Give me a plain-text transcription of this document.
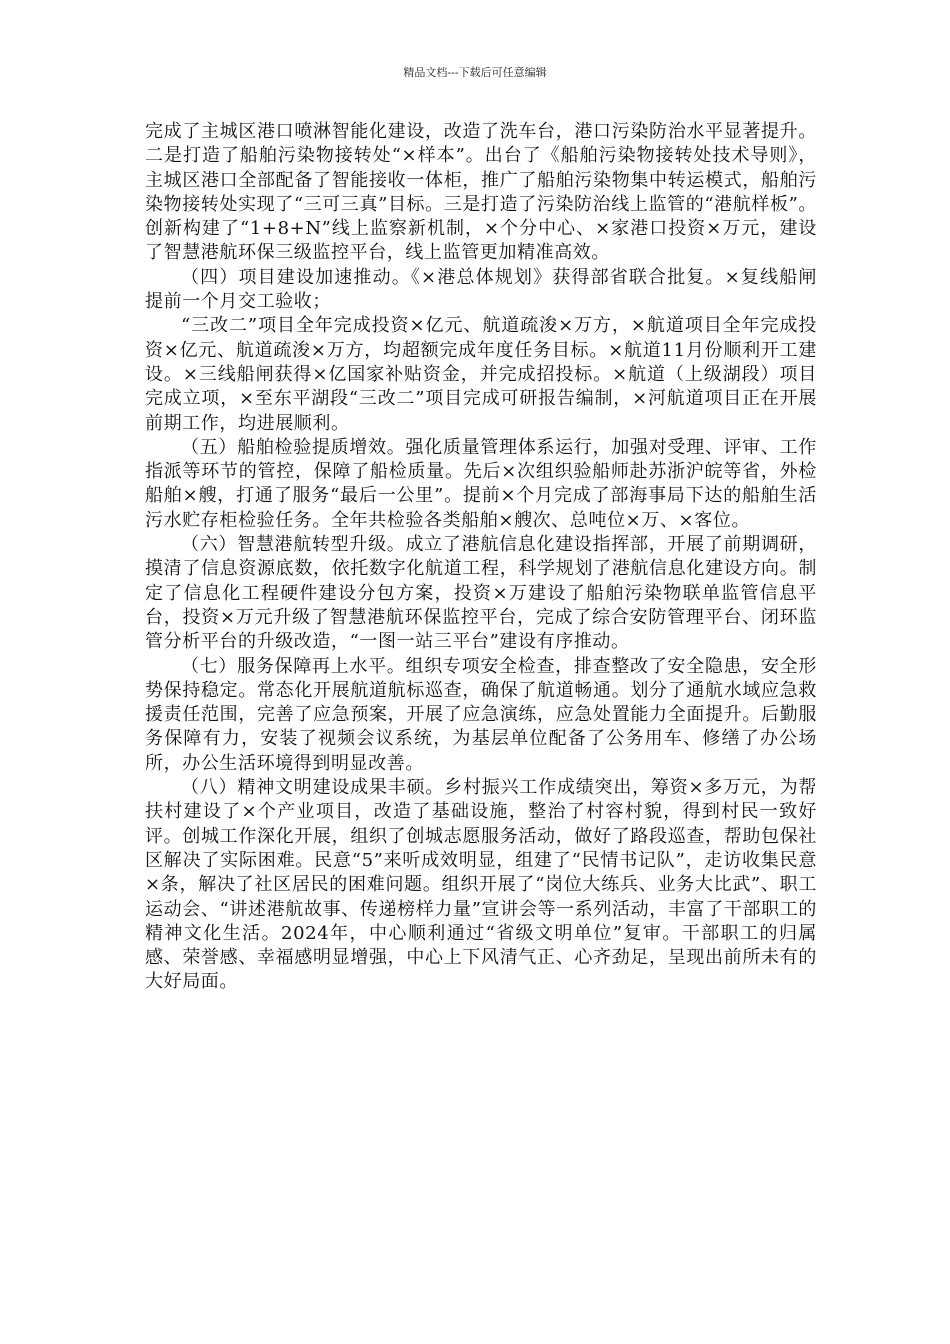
精品文档---下载后可任意编辑

完成了主城区港口喷淋智能化建设，改造了洗车台，港口污染防治水平显著提升。二是打造了船舶污染物接转处“×样本”。出台了《船舶污染物接转处技术导则》，主城区港口全部配备了智能接收一体柜，推广了船舶污染物集中转运模式，船舶污染物接转处实现了“三可三真”目标。三是打造了污染防治线上监管的“港航样板”。创新构建了“1+8+N”线上监察新机制，×个分中心、×家港口投资×万元，建设了智慧港航环保三级监控平台，线上监管更加精准高效。

（四）项目建设加速推动。《×港总体规划》获得部省联合批复。×复线船闸提前一个月交工验收；

“三改二”项目全年完成投资×亿元、航道疏浚×万方，×航道项目全年完成投资×亿元、航道疏浚×万方，均超额完成年度任务目标。×航道11月份顺利开工建设。×三线船闸获得×亿国家补贴资金，并完成招投标。×航道（上级湖段）项目完成立项，×至东平湖段“三改二”项目完成可研报告编制，×河航道项目正在开展前期工作，均进展顺利。

（五）船舶检验提质增效。强化质量管理体系运行，加强对受理、评审、工作指派等环节的管控，保障了船检质量。先后×次组织验船师赴苏浙沪皖等省，外检船舶×艘，打通了服务“最后一公里”。提前×个月完成了部海事局下达的船舶生活污水贮存柜检验任务。全年共检验各类船舶×艘次、总吨位×万、×客位。

（六）智慧港航转型升级。成立了港航信息化建设指挥部，开展了前期调研，摸清了信息资源底数，依托数字化航道工程，科学规划了港航信息化建设方向。制定了信息化工程硬件建设分包方案，投资×万建设了船舶污染物联单监管信息平台，投资×万元升级了智慧港航环保监控平台，完成了综合安防管理平台、闭环监管分析平台的升级改造，“一图一站三平台”建设有序推动。

（七）服务保障再上水平。组织专项安全检查，排查整改了安全隐患，安全形势保持稳定。常态化开展航道航标巡查，确保了航道畅通。划分了通航水域应急救援责任范围，完善了应急预案，开展了应急演练，应急处置能力全面提升。后勤服务保障有力，安装了视频会议系统，为基层单位配备了公务用车、修缮了办公场所，办公生活环境得到明显改善。

（八）精神文明建设成果丰硕。乡村振兴工作成绩突出，筹资×多万元，为帮扶村建设了×个产业项目，改造了基础设施，整治了村容村貌，得到村民一致好评。创城工作深化开展，组织了创城志愿服务活动，做好了路段巡查，帮助包保社区解决了实际困难。民意“5”来听成效明显，组建了“民情书记队”，走访收集民意×条，解决了社区居民的困难问题。组织开展了“岗位大练兵、业务大比武”、职工运动会、“讲述港航故事、传递榜样力量”宣讲会等一系列活动，丰富了干部职工的精神文化生活。2024年，中心顺利通过“省级文明单位”复审。干部职工的归属感、荣誉感、幸福感明显增强，中心上下风清气正、心齐劲足，呈现出前所未有的大好局面。
